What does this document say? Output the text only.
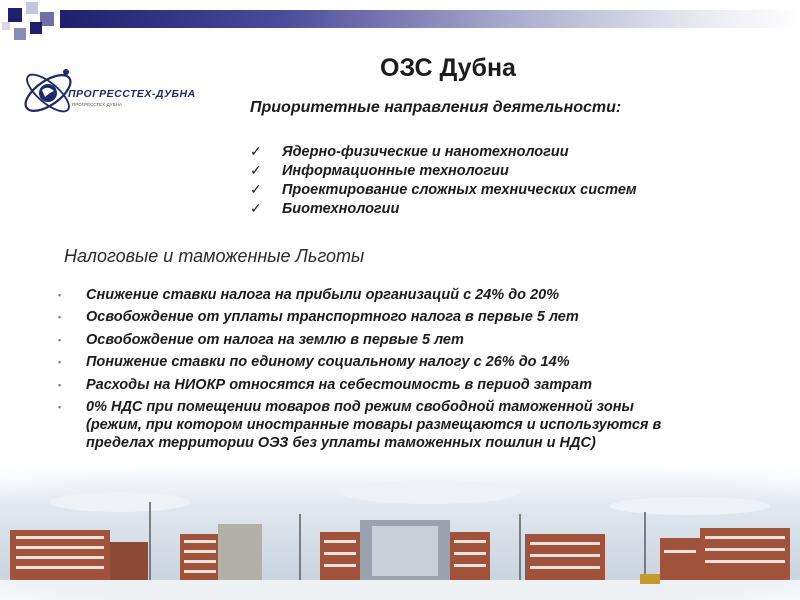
ПРОГРЕССТЕХ-ДУБНА
ПРОГРЕССТЕХ-ДУБНА
ОЗС Дубна
Приоритетные направления деятельности:
✓	Ядерно-физические и нанотехнологии
✓	Информационные технологии
✓	Проектирование сложных технических систем
✓	Биотехнологии
Налоговые и таможенные Льготы
•	Снижение ставки налога на прибыли организаций с 24% до 20%
•	Освобождение от уплаты транспортного налога в первые 5 лет
•	Освобождение от налога на землю в первые 5 лет
•	Понижение ставки по единому социальному налогу с 26% до 14%
•	Расходы на НИОКР относятся на себестоимость в период затрат
•	0% НДС при помещении товаров под режим свободной таможенной зоны
(режим, при котором иностранные товары размещаются и используются в
пределах территории ОЭЗ без уплаты таможенных пошлин и НДС)
